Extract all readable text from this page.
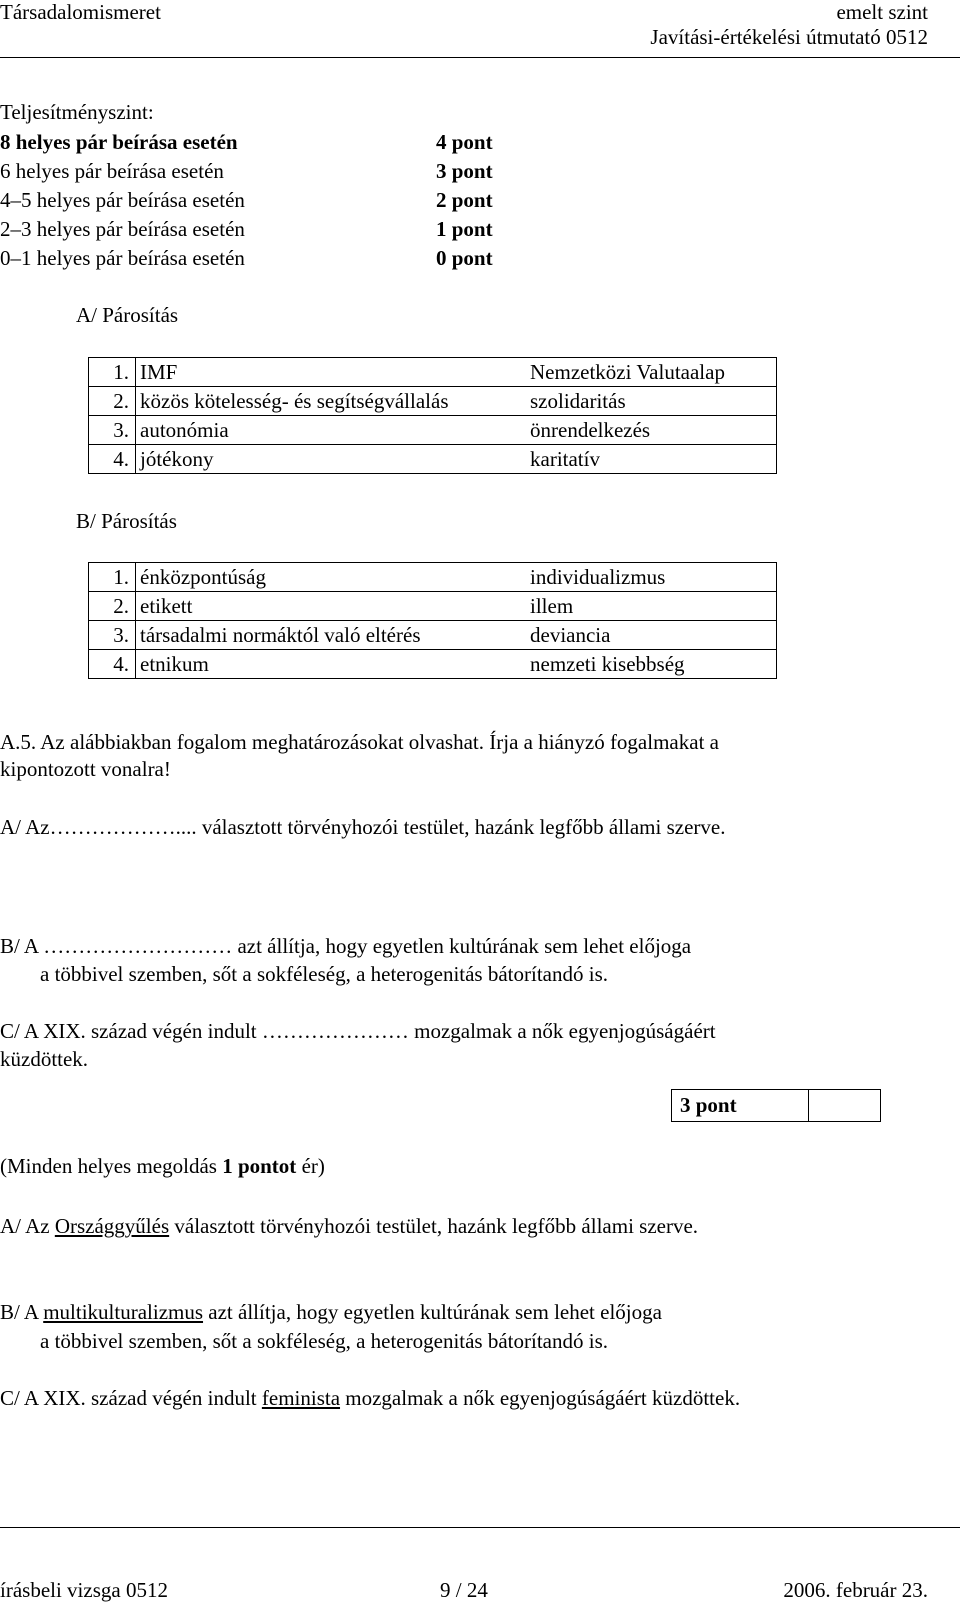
Társadalomismeret	emelt szint
Javítási-értékelési útmutató 0512
Teljesítményszint:
8 helyes pár beírása esetén	4 pont
6 helyes pár beírása esetén	3 pont
4–5 helyes pár beírása esetén	2 pont
2–3 helyes pár beírása esetén	1 pont
0–1 helyes pár beírása esetén	0 pont
A/ Párosítás
1.	IMF	Nemzetközi Valutaalap
2.	közös kötelesség- és segítségvállalás	szolidaritás
3.	autonómia	önrendelkezés
4.	jótékony	karitatív
B/ Párosítás
1.	énközpontúság	individualizmus
2.	etikett	illem
3.	társadalmi normáktól való eltérés	deviancia
4.	etnikum	nemzeti kisebbség
A.5. Az alábbiakban fogalom meghatározásokat olvashat. Írja a hiányzó fogalmakat a
kipontozott vonalra!
A/ Az……………….... választott törvényhozói testület, hazánk legfőbb állami szerve.
B/ A ……………………… azt állítja, hogy egyetlen kultúrának sem lehet előjoga
a többivel szemben, sőt a sokféleség, a heterogenitás bátorítandó is.
C/ A XIX. század végén indult ………………… mozgalmak a nők egyenjogúságáért
küzdöttek.
3 pont
(Minden helyes megoldás 1 pontot ér)
A/ Az Országgyűlés választott törvényhozói testület, hazánk legfőbb állami szerve.
B/ A multikulturalizmus azt állítja, hogy egyetlen kultúrának sem lehet előjoga
a többivel szemben, sőt a sokféleség, a heterogenitás bátorítandó is.
C/ A XIX. század végén indult feminista mozgalmak a nők egyenjogúságáért küzdöttek.
írásbeli vizsga 0512	9 / 24	2006. február 23.
